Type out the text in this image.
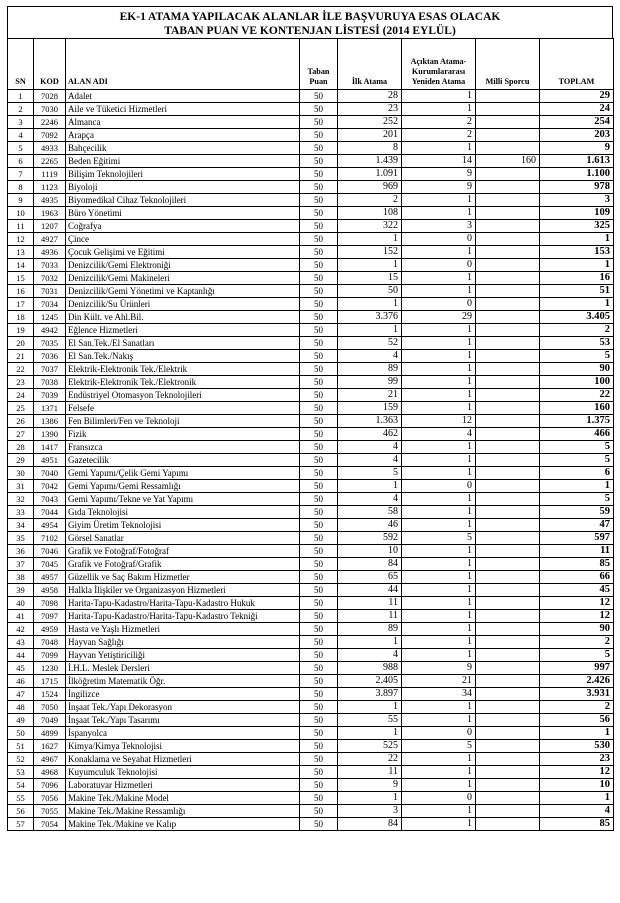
EK-1 ATAMA YAPILACAK ALANLAR İLE BAŞVURUYA ESAS OLACAK
TABAN PUAN VE KONTENJAN LİSTESİ (2014 EYLÜL)
SN	KOD	ALAN ADI	Taban Puan	İlk Atama	Açıktan Atama-Kurumlararası Yeniden Atama	Milli Sporcu	TOPLAM
1	7028	Adalet	50	28	1		29
2	7030	Aile ve Tüketici Hizmetleri	50	23	1		24
3	2246	Almanca	50	252	2		254
4	7092	Arapça	50	201	2		203
5	4933	Bahçecilik	50	8	1		9
6	2265	Beden Eğitimi	50	1.439	14	160	1.613
7	1119	Bilişim Teknolojileri	50	1.091	9		1.100
8	1123	Biyoloji	50	969	9		978
9	4935	Biyomedikal Cihaz Teknolojileri	50	2	1		3
10	1963	Büro Yönetimi	50	108	1		109
11	1207	Coğrafya	50	322	3		325
12	4927	Çince	50	1	0		1
13	4936	Çocuk Gelişimi ve Eğitimi	50	152	1		153
14	7033	Denizcilik/Gemi Elektroniği	50	1	0		1
15	7032	Denizcilik/Gemi Makineleri	50	15	1		16
16	7031	Denizcilik/Gemi Yönetimi ve Kaptanlığı	50	50	1		51
17	7034	Denizcilik/Su Ürünleri	50	1	0		1
18	1245	Din Kült. ve Ahl.Bil.	50	3.376	29		3.405
19	4942	Eğlence Hizmetleri	50	1	1		2
20	7035	El San.Tek./El Sanatları	50	52	1		53
21	7036	El San.Tek./Nakış	50	4	1		5
22	7037	Elektrik-Elektronik Tek./Elektrik	50	89	1		90
23	7038	Elektrik-Elektronik Tek./Elektronik	50	99	1		100
24	7039	Endüstriyel Otomasyon Teknolojileri	50	21	1		22
25	1371	Felsefe	50	159	1		160
26	1386	Fen Bilimleri/Fen ve Teknoloji	50	1.363	12		1.375
27	1390	Fizik	50	462	4		466
28	1417	Fransızca	50	4	1		5
29	4951	Gazetecilik	50	4	1		5
30	7040	Gemi Yapımı/Çelik Gemi Yapımı	50	5	1		6
31	7042	Gemi Yapımı/Gemi Ressamlığı	50	1	0		1
32	7043	Gemi Yapımı/Tekne ve Yat Yapımı	50	4	1		5
33	7044	Gıda Teknolojisi	50	58	1		59
34	4954	Giyim Üretim Teknolojisi	50	46	1		47
35	7102	Görsel Sanatlar	50	592	5		597
36	7046	Grafik ve Fotoğraf/Fotoğraf	50	10	1		11
37	7045	Grafik ve Fotoğraf/Grafik	50	84	1		85
38	4957	Güzellik ve Saç Bakım Hizmetler	50	65	1		66
39	4958	Halkla İlişkiler ve Organizasyon Hizmetleri	50	44	1		45
40	7098	Harita-Tapu-Kadastro/Harita-Tapu-Kadastro Hukuk	50	11	1		12
41	7097	Harita-Tapu-Kadastro/Harita-Tapu-Kadastro Tekniği	50	11	1		12
42	4959	Hasta ve Yaşlı Hizmetleri	50	89	1		90
43	7048	Hayvan Sağlığı	50	1	1		2
44	7099	Hayvan Yetiştiriciliği	50	4	1		5
45	1230	İ.H.L. Meslek Dersleri	50	988	9		997
46	1715	İlköğretim Matematik Öğr.	50	2.405	21		2.426
47	1524	İngilizce	50	3.897	34		3.931
48	7050	İnşaat Tek./Yapı Dekorasyon	50	1	1		2
49	7049	İnşaat Tek./Yapı Tasarımı	50	55	1		56
50	4899	İspanyolca	50	1	0		1
51	1627	Kimya/Kimya Teknolojisi	50	525	5		530
52	4967	Konaklama ve Seyahat Hizmetleri	50	22	1		23
53	4968	Kuyumculuk Teknolojisi	50	11	1		12
54	7096	Laboratuvar Hizmetleri	50	9	1		10
55	7056	Makine Tek./Makine Model	50	1	0		1
56	7055	Makine Tek./Makine Ressamlığı	50	3	1		4
57	7054	Makine Tek./Makine ve Kalıp	50	84	1		85
